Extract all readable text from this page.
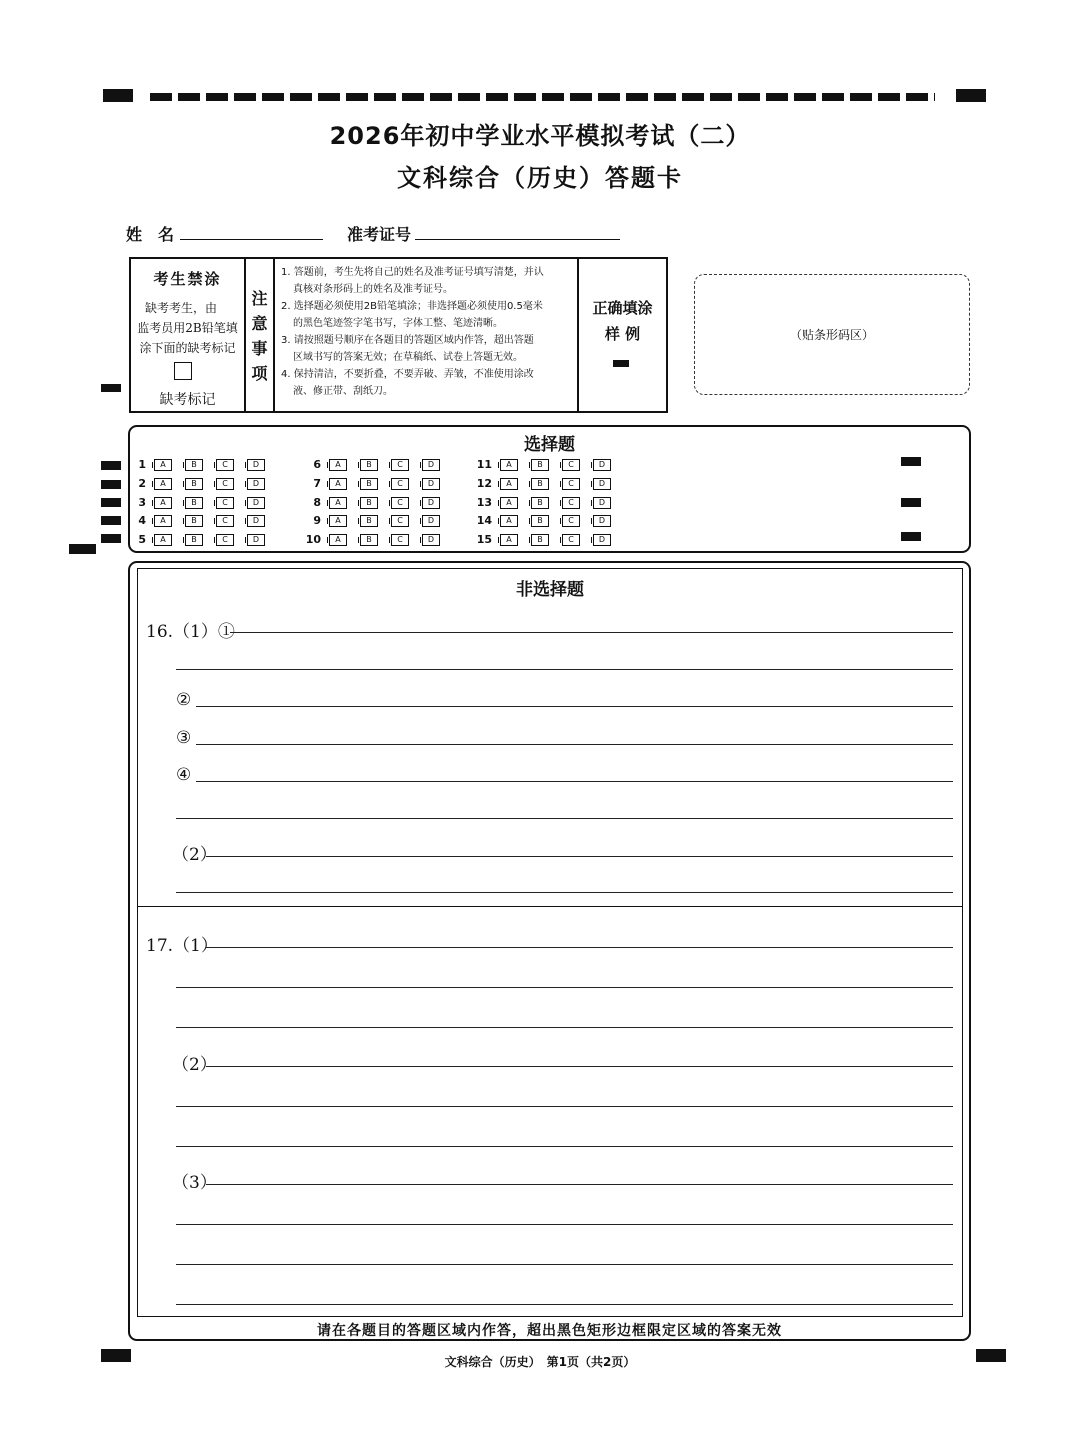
2026年初中学业水平模拟考试（二）
文科综合（历史）答题卡
姓　名	准考证号
考生禁涂
缺考考生，由
监考员用2B铅笔填
涂下面的缺考标记
缺考标记
注
意
事
项

1. 答题前，考生先将自己的姓名及准考证号填写清楚，并认

真核对条形码上的姓名及准考证号。

2. 选择题必须使用2B铅笔填涂；非选择题必须使用0.5毫米

的黑色笔迹签字笔书写，字体工整、笔迹清晰。

3. 请按照题号顺序在各题目的答题区域内作答，超出答题

区域书写的答案无效；在草稿纸、试卷上答题无效。

4. 保持清洁，不要折叠，不要弄破、弄皱，不准使用涂改

液、修正带、刮纸刀。

正确填涂
样 例	（贴条形码区）
选择题
1 A	B	C	D
2 A	B	C	D
3 A	B	C	D
4 A	B	C	D
5 A	B	C	D
6 A	B	C	D
7 A	B	C	D
8 A	B	C	D
9 A	B	C	D
10 A	B	C	D
11 A	B	C	D
12 A	B	C	D
13 A	B	C	D
14 A	B	C	D
15 A	B	C	D
非选择题
16.（1）①
②
③
④
（2）
17.（1）
（2）
（3）
请在各题目的答题区域内作答，超出黑色矩形边框限定区域的答案无效
文科综合（历史）　第1页（共2页）
